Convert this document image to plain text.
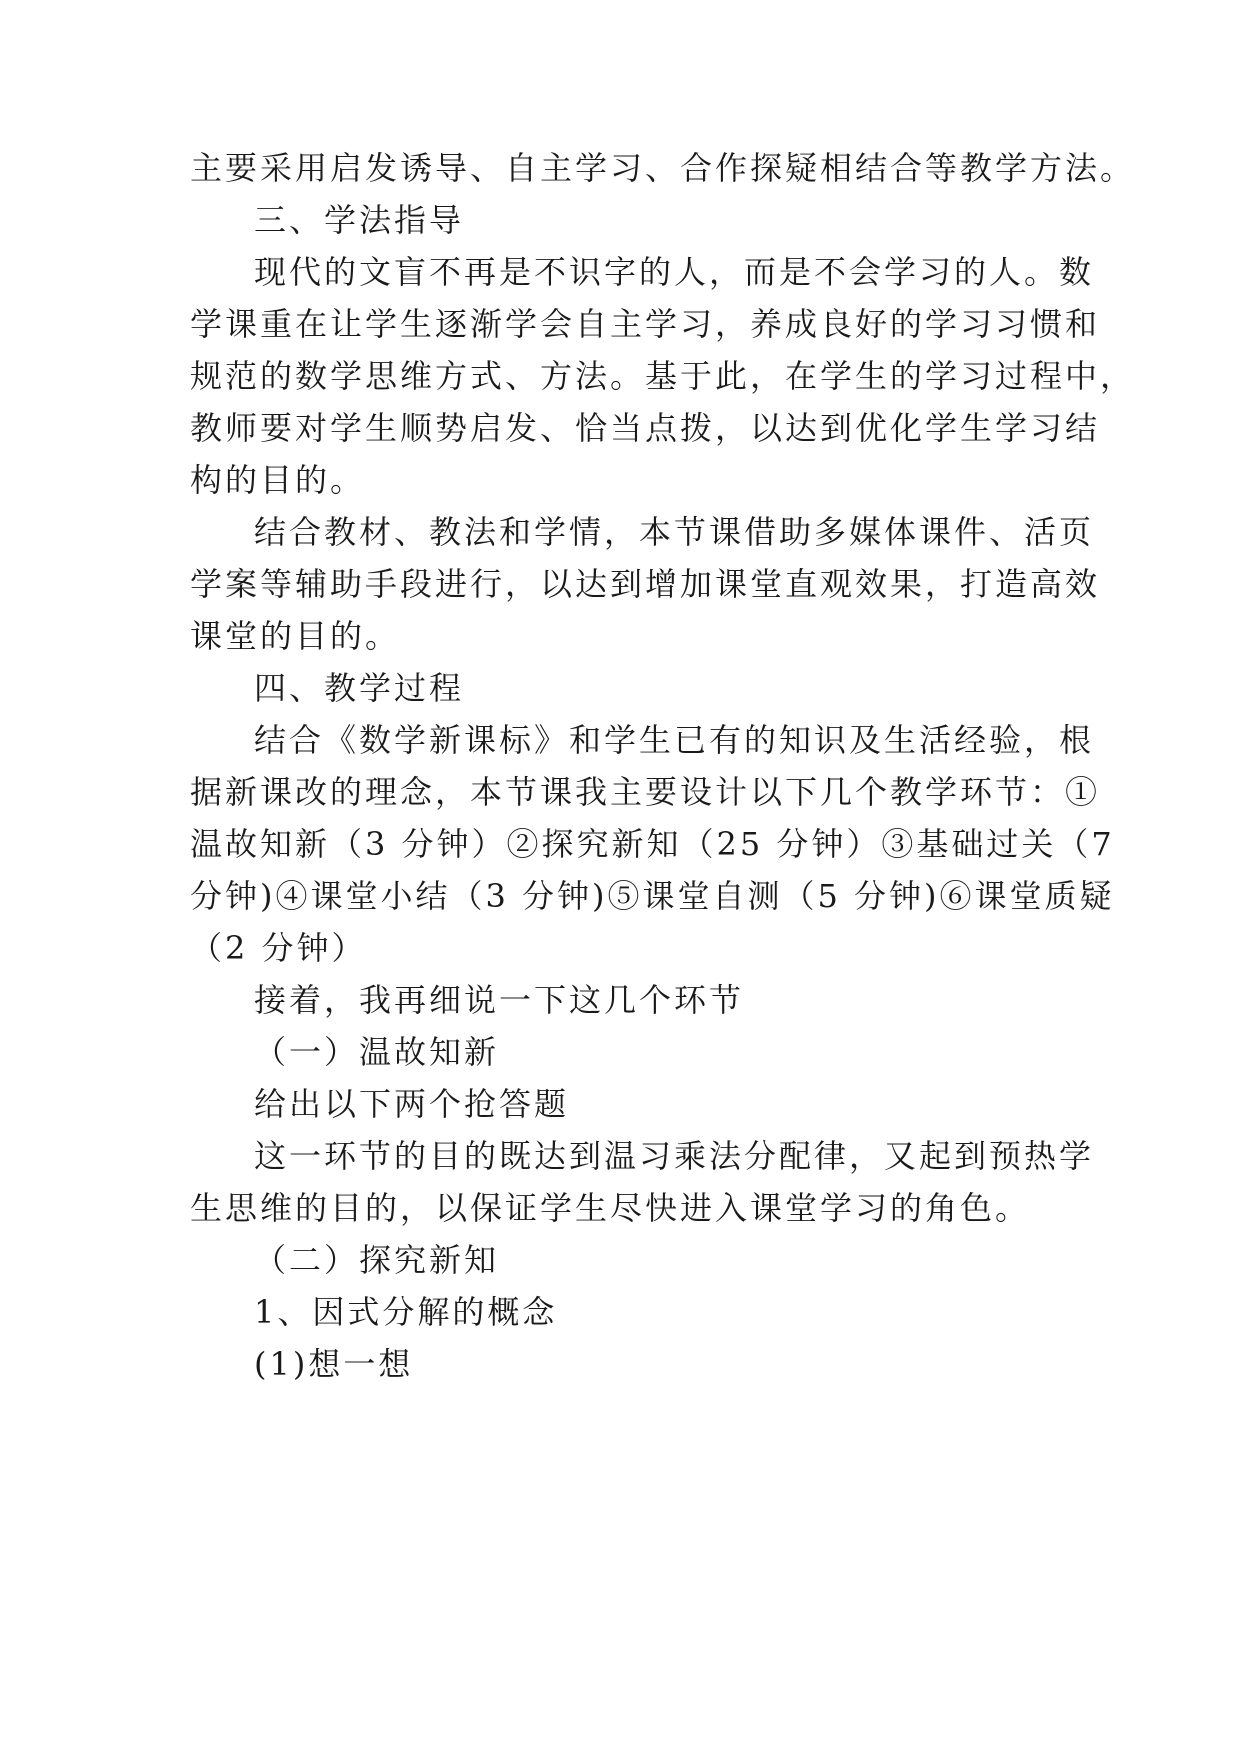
主要采用启发诱导、自主学习、合作探疑相结合等教学方法。
三、学法指导
现代的文盲不再是不识字的人，而是不会学习的人。数
学课重在让学生逐渐学会自主学习，养成良好的学习习惯和
规范的数学思维方式、方法。基于此，在学生的学习过程中，
教师要对学生顺势启发、恰当点拨，以达到优化学生学习结
构的目的。
结合教材、教法和学情，本节课借助多媒体课件、活页
学案等辅助手段进行，以达到增加课堂直观效果，打造高效
课堂的目的。
四、教学过程
结合《数学新课标》和学生已有的知识及生活经验，根
据新课改的理念，本节课我主要设计以下几个教学环节：①
温故知新（3 分钟）②探究新知（25 分钟）③基础过关（7
分钟)④课堂小结（3 分钟)⑤课堂自测（5 分钟)⑥课堂质疑
（2 分钟）
接着，我再细说一下这几个环节
（一）温故知新
给出以下两个抢答题
这一环节的目的既达到温习乘法分配律，又起到预热学
生思维的目的，以保证学生尽快进入课堂学习的角色。
（二）探究新知
1、因式分解的概念
(1)想一想
